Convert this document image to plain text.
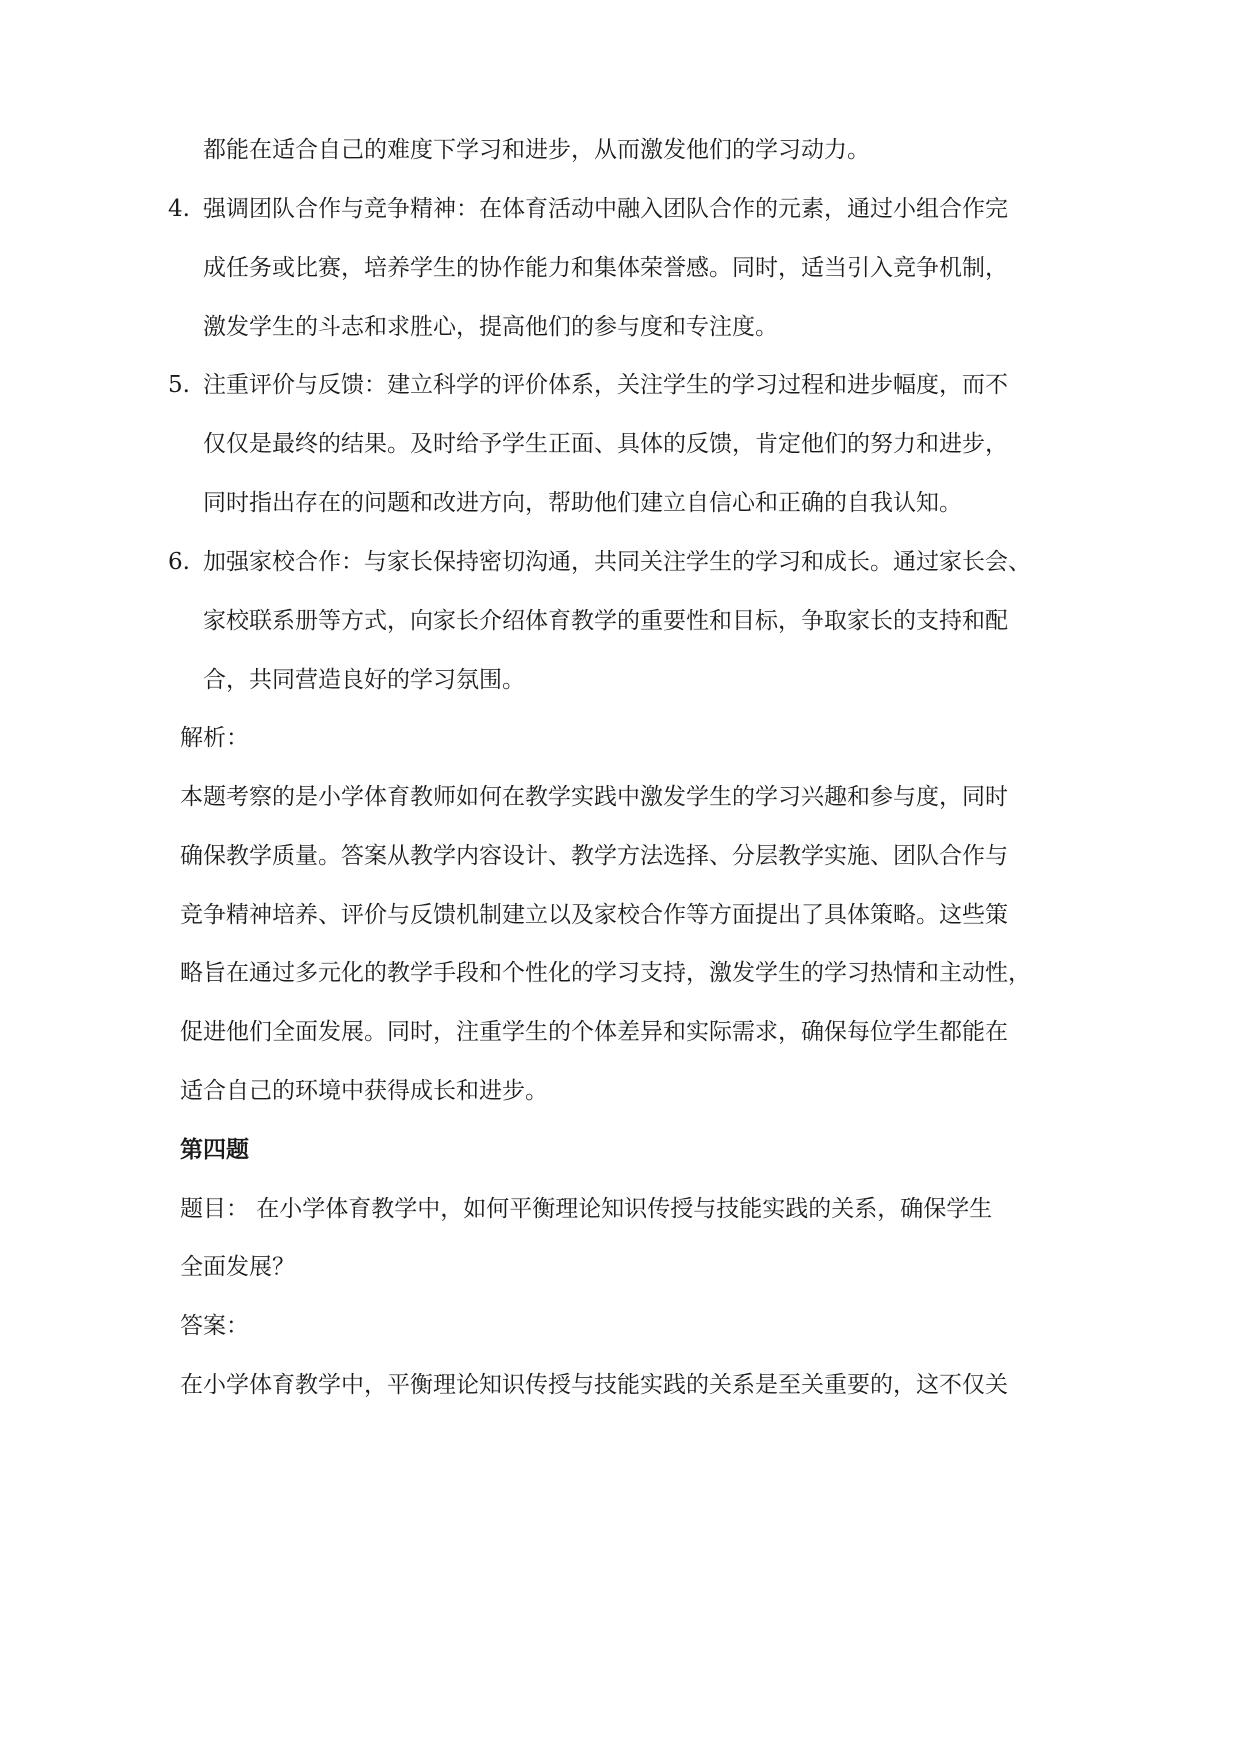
都能在适合自己的难度下学习和进步，从而激发他们的学习动力。
4. 强调团队合作与竞争精神：在体育活动中融入团队合作的元素，通过小组合作完
成任务或比赛，培养学生的协作能力和集体荣誉感。同时，适当引入竞争机制，
激发学生的斗志和求胜心，提高他们的参与度和专注度。
5. 注重评价与反馈：建立科学的评价体系，关注学生的学习过程和进步幅度，而不
仅仅是最终的结果。及时给予学生正面、具体的反馈，肯定他们的努力和进步，
同时指出存在的问题和改进方向，帮助他们建立自信心和正确的自我认知。
6. 加强家校合作：与家长保持密切沟通，共同关注学生的学习和成长。通过家长会、
家校联系册等方式，向家长介绍体育教学的重要性和目标，争取家长的支持和配
合，共同营造良好的学习氛围。
解析：
本题考察的是小学体育教师如何在教学实践中激发学生的学习兴趣和参与度，同时
确保教学质量。答案从教学内容设计、教学方法选择、分层教学实施、团队合作与
竞争精神培养、评价与反馈机制建立以及家校合作等方面提出了具体策略。这些策
略旨在通过多元化的教学手段和个性化的学习支持，激发学生的学习热情和主动性，
促进他们全面发展。同时，注重学生的个体差异和实际需求，确保每位学生都能在
适合自己的环境中获得成长和进步。
第四题
题目： 在小学体育教学中，如何平衡理论知识传授与技能实践的关系，确保学生
全面发展？
答案：
在小学体育教学中，平衡理论知识传授与技能实践的关系是至关重要的，这不仅关
